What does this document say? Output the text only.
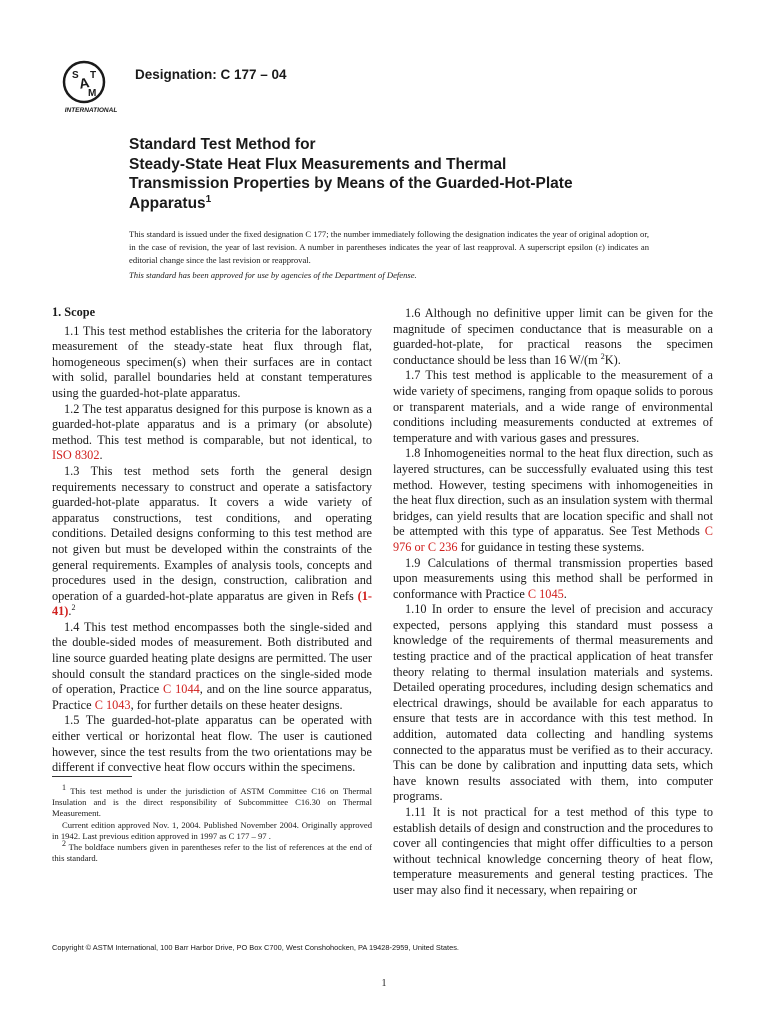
A
S T
M
INTERNATIONAL
Designation: C 177 – 04
Standard Test Method for
Steady-State Heat Flux Measurements and Thermal
Transmission Properties by Means of the Guarded-Hot-Plate
Apparatus$^1$
This standard is issued under the fixed designation C 177; the number immediately following the designation indicates the year of original adoption or, in the case of revision, the year of last revision. A number in parentheses indicates the year of last reapproval. A superscript epsilon (ε) indicates an editorial change since the last revision or reapproval.
This standard has been approved for use by agencies of the Department of Defense.
1. Scope

1.1 This test method establishes the criteria for the laboratory measurement of the steady-state heat flux through flat, homogeneous specimen(s) when their surfaces are in contact with solid, parallel boundaries held at constant temperatures using the guarded-hot-plate apparatus.

1.2 The test apparatus designed for this purpose is known as a guarded-hot-plate apparatus and is a primary (or absolute) method. This test method is comparable, but not identical, to ISO 8302.

1.3 This test method sets forth the general design requirements necessary to construct and operate a satisfactory guarded-hot-plate apparatus. It covers a wide variety of apparatus constructions, test conditions, and operating conditions. Detailed designs conforming to this test method are not given but must be developed within the constraints of the general requirements. Examples of analysis tools, concepts and procedures used in the design, construction, calibration and operation of a guarded-hot-plate apparatus are given in Refs (1-41).$^2$

1.4 This test method encompasses both the single-sided and the double-sided modes of measurement. Both distributed and line source guarded heating plate designs are permitted. The user should consult the standard practices on the single-sided mode of operation, Practice C 1044, and on the line source apparatus, Practice C 1043, for further details on these heater designs.

1.5 The guarded-hot-plate apparatus can be operated with either vertical or horizontal heat flow. The user is cautioned however, since the test results from the two orientations may be different if convective heat flow occurs within the specimens.

$^1$ This test method is under the jurisdiction of ASTM Committee C16 on Thermal Insulation and is the direct responsibility of Subcommittee C16.30 on Thermal Measurement.

Current edition approved Nov. 1, 2004. Published November 2004. Originally approved in 1942. Last previous edition approved in 1997 as C 177 – 97 .

$^2$ The boldface numbers given in parentheses refer to the list of references at the end of this standard.

1.6 Although no definitive upper limit can be given for the magnitude of specimen conductance that is measurable on a guarded-hot-plate, for practical reasons the specimen conductance should be less than 16 W/(m $^2$K).

1.7 This test method is applicable to the measurement of a wide variety of specimens, ranging from opaque solids to porous or transparent materials, and a wide range of environmental conditions including measurements conducted at extremes of temperature and with various gases and pressures.

1.8 Inhomogeneities normal to the heat flux direction, such as layered structures, can be successfully evaluated using this test method. However, testing specimens with inhomogeneities in the heat flux direction, such as an insulation system with thermal bridges, can yield results that are location specific and shall not be attempted with this type of apparatus. See Test Methods C 976 or C 236 for guidance in testing these systems.

1.9 Calculations of thermal transmission properties based upon measurements using this method shall be performed in conformance with Practice C 1045.

1.10 In order to ensure the level of precision and accuracy expected, persons applying this standard must possess a knowledge of the requirements of thermal measurements and testing practice and of the practical application of heat transfer theory relating to thermal insulation materials and systems. Detailed operating procedures, including design schematics and electrical drawings, should be available for each apparatus to ensure that tests are in accordance with this test method. In addition, automated data collecting and handling systems connected to the apparatus must be verified as to their accuracy. This can be done by calibration and inputting data sets, which have known results associated with them, into computer programs.

1.11 It is not practical for a test method of this type to establish details of design and construction and the procedures to cover all contingencies that might offer difficulties to a person without technical knowledge concerning theory of heat flow, temperature measurements and general testing practices. The user may also find it necessary, when repairing or

Copyright © ASTM International, 100 Barr Harbor Drive, PO Box C700, West Conshohocken, PA 19428-2959, United States.
1
